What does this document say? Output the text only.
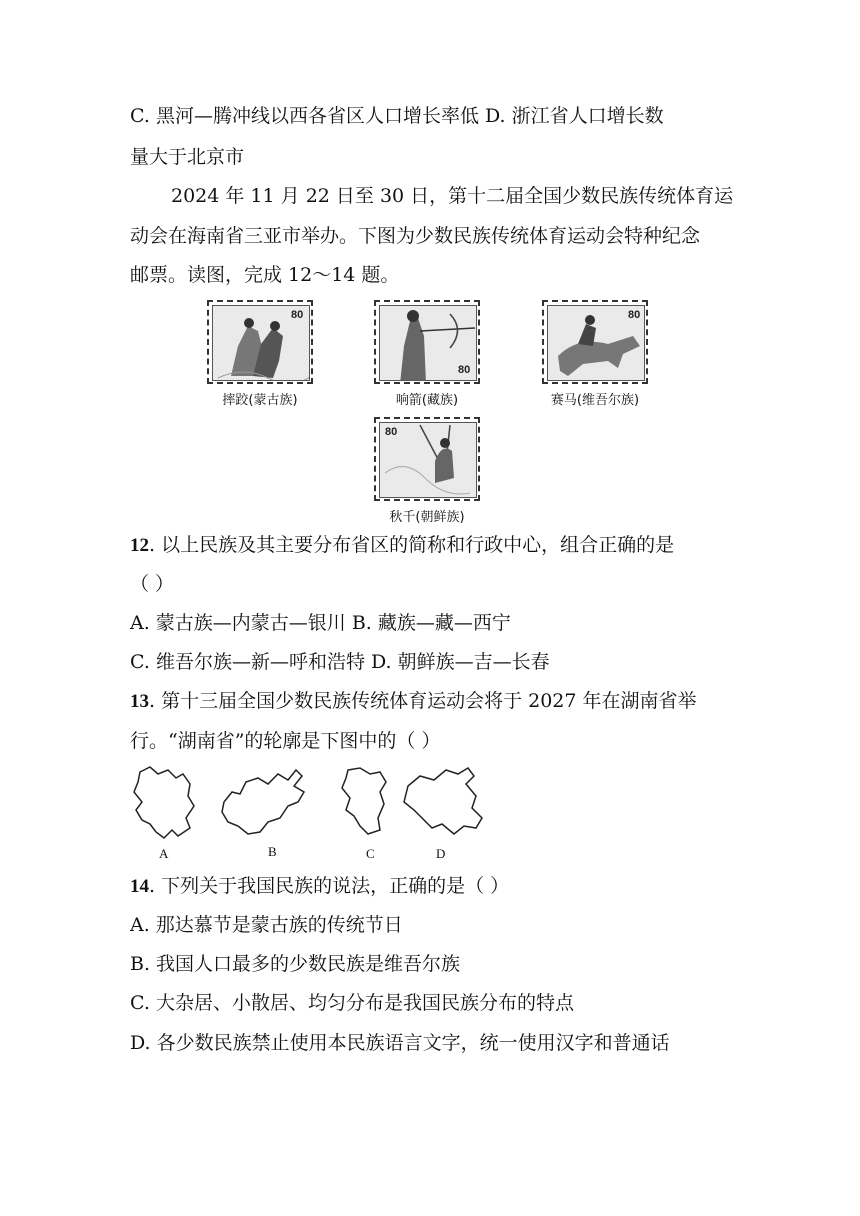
C. 黑河—腾冲线以西各省区人口增长率低 D. 浙江省人口增长数
量大于北京市
2024 年 11 月 22 日至 30 日，第十二届全国少数民族传统体育运
动会在海南省三亚市举办。下图为少数民族传统体育运动会特种纪念
邮票。读图，完成 12～14 题。
80
摔跤(蒙古族)
80
响箭(藏族)
80
赛马(维吾尔族)
80
秋千(朝鲜族)
12. 以上民族及其主要分布省区的简称和行政中心，组合正确的是
（ ）
A. 蒙古族—内蒙古—银川 B. 藏族—藏—西宁
C. 维吾尔族—新—呼和浩特 D. 朝鲜族—吉—长春
13. 第十三届全国少数民族传统体育运动会将于 2027 年在湖南省举
行。“湖南省”的轮廓是下图中的（ ）
A	B	C	D
14. 下列关于我国民族的说法，正确的是（ ）
A. 那达慕节是蒙古族的传统节日
B. 我国人口最多的少数民族是维吾尔族
C. 大杂居、小散居、均匀分布是我国民族分布的特点
D. 各少数民族禁止使用本民族语言文字，统一使用汉字和普通话
